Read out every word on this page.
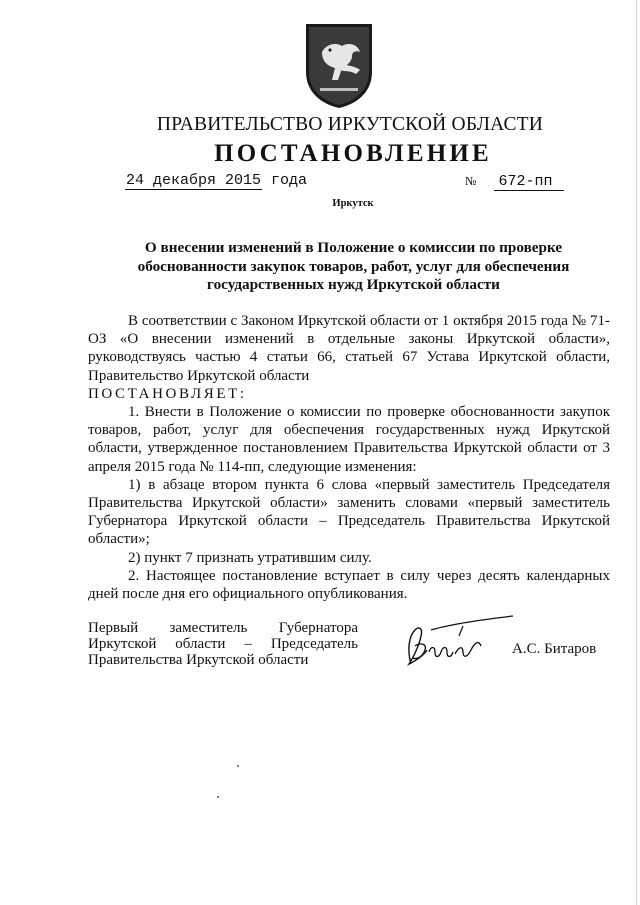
ПРАВИТЕЛЬСТВО ИРКУТСКОЙ ОБЛАСТИ
ПОСТАНОВЛЕНИЕ
24 декабря 2015 года	№ 672-пп
Иркутск
О внесении изменений в Положение о комиссии по проверке обоснованности закупок товаров, работ, услуг для обеспечения государственных нужд Иркутской области

В соответствии с Законом Иркутской области от 1 октября 2015 года № 71-ОЗ «О внесении изменений в отдельные законы Иркутской области», руководствуясь частью 4 статьи 66, статьей 67 Устава Иркутской области, Правительство Иркутской области

ПОСТАНОВЛЯЕТ:

1. Внести в Положение о комиссии по проверке обоснованности закупок товаров, работ, услуг для обеспечения государственных нужд Иркутской области, утвержденное постановлением Правительства Иркутской области от 3 апреля 2015 года № 114-пп, следующие изменения:

1) в абзаце втором пункта 6 слова «первый заместитель Председателя Правительства Иркутской области» заменить словами «первый заместитель Губернатора Иркутской области – Председатель Правительства Иркутской области»;

2) пункт 7 признать утратившим силу.

2. Настоящее постановление вступает в силу через десять календарных дней после дня его официального опубликования.

Первый заместитель Губернатора

Иркутской области – Председатель

Правительства Иркутской области

А.С. Битаров
